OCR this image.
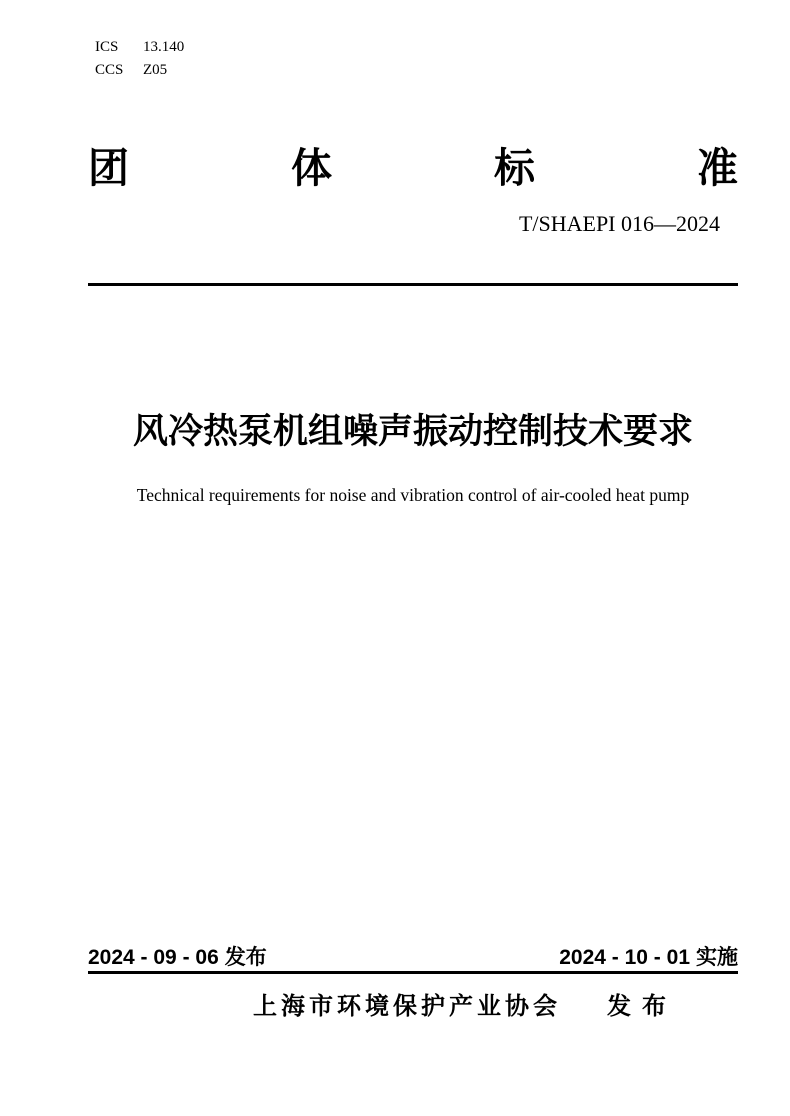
ICS 13.140
CCS Z05
团	体	标	准
T/SHAEPI 016—2024
风冷热泵机组噪声振动控制技术要求
Technical requirements for noise and vibration control of air-cooled heat pump
2024 - 09 - 06 发布	2024 - 10 - 01 实施
上海市环境保护产业协会 发布
